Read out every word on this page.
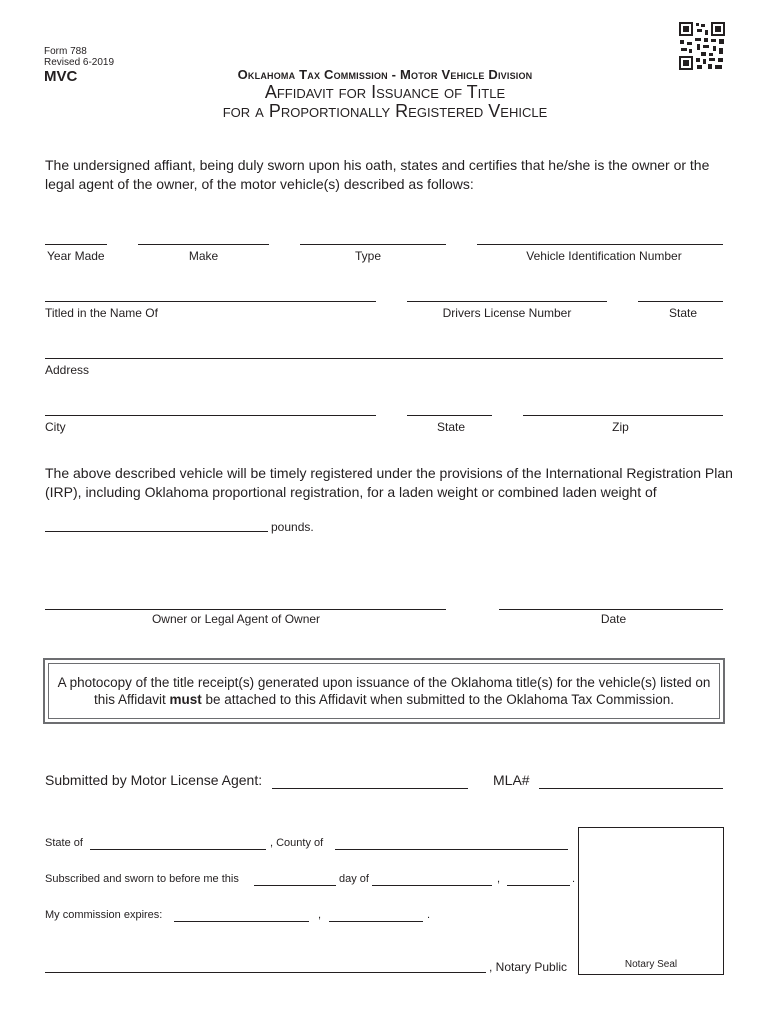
Form 788
Revised 6-2019
MVC	Oklahoma Tax Commission - Motor Vehicle Division
Affidavit for Issuance of Title
for a Proportionally Registered Vehicle
The undersigned affiant, being duly sworn upon his oath, states and certifies that he/she is the owner or the legal agent of the owner, of the motor vehicle(s) described as follows:
Year Made	Make	Type	Vehicle Identification Number
Titled in the Name Of	Drivers License Number	State
Address
City	State	Zip
The above described vehicle will be timely registered under the provisions of the International Registration Plan (IRP), including Oklahoma proportional registration, for a laden weight or combined laden weight of
pounds.
Owner or Legal Agent of Owner	Date
A photocopy of the title receipt(s) generated upon issuance of the Oklahoma title(s) for the vehicle(s) listed on this Affidavit must be attached to this Affidavit when submitted to the Oklahoma Tax Commission.
Submitted by Motor License Agent:	MLA#
State of	, County of
Subscribed and sworn to before me this	day of	,	.
My commission expires:	,	.
, Notary Public	Notary Seal
